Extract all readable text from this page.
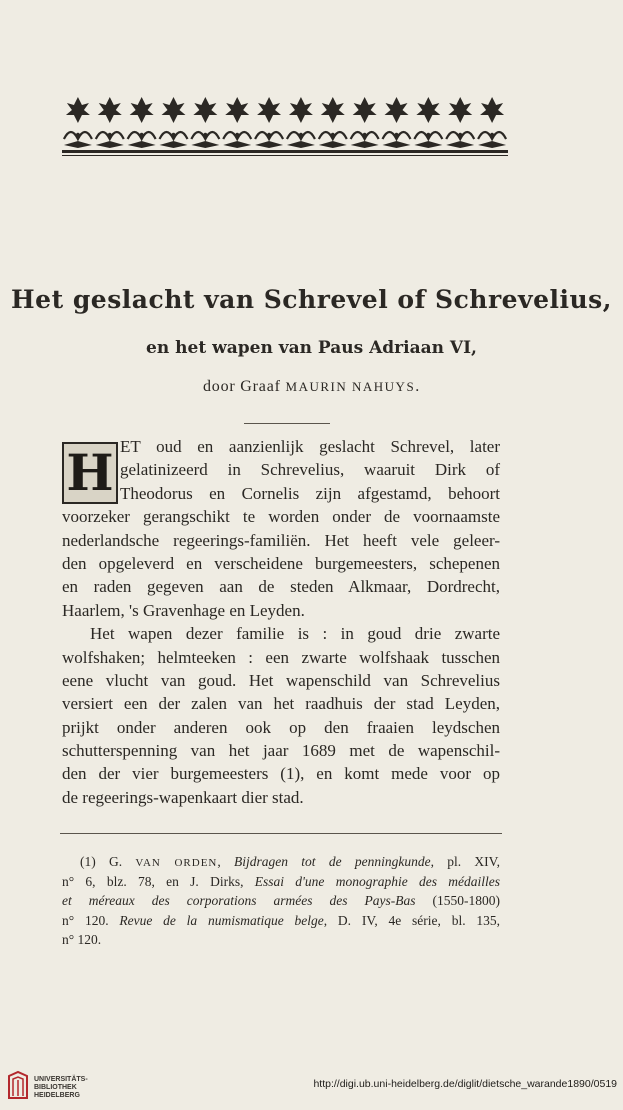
Het geslacht van Schrevel of Schrevelius,
en het wapen van Paus Adriaan VI,
door Graaf MAURIN NAHUYS.
H ET oud en aanzienlijk geslacht Schrevel, later
gelatinizeerd in Schrevelius, waaruit Dirk of
Theodorus en Cornelis zijn afgestamd, behoort
voorzeker gerangschikt te worden onder de voornaamste
nederlandsche regeerings-familiën. Het heeft vele geleer-
den opgeleverd en verscheidene burgemeesters, schepenen
en raden gegeven aan de steden Alkmaar, Dordrecht,
Haarlem, 's Gravenhage en Leyden.
Het wapen dezer familie is : in goud drie zwarte
wolfshaken; helmteeken : een zwarte wolfshaak tusschen
eene vlucht van goud. Het wapenschild van Schrevelius
versiert een der zalen van het raadhuis der stad Leyden,
prijkt onder anderen ook op den fraaien leydschen
schutterspenning van het jaar 1689 met de wapenschil-
den der vier burgemeesters (1), en komt mede voor op
de regeerings-wapenkaart dier stad.
(1) G. VAN ORDEN, Bijdragen tot de penningkunde, pl. XIV,
n° 6, blz. 78, en J. Dirks, Essai d'une monographie des médailles
et méreaux des corporations armées des Pays-Bas (1550-1800)
n° 120. Revue de la numismatique belge, D. IV, 4e série, bl. 135,
n° 120.
UNIVERSITÄTS-
BIBLIOTHEK
HEIDELBERG
http://digi.ub.uni-heidelberg.de/diglit/dietsche_warande1890/0519
